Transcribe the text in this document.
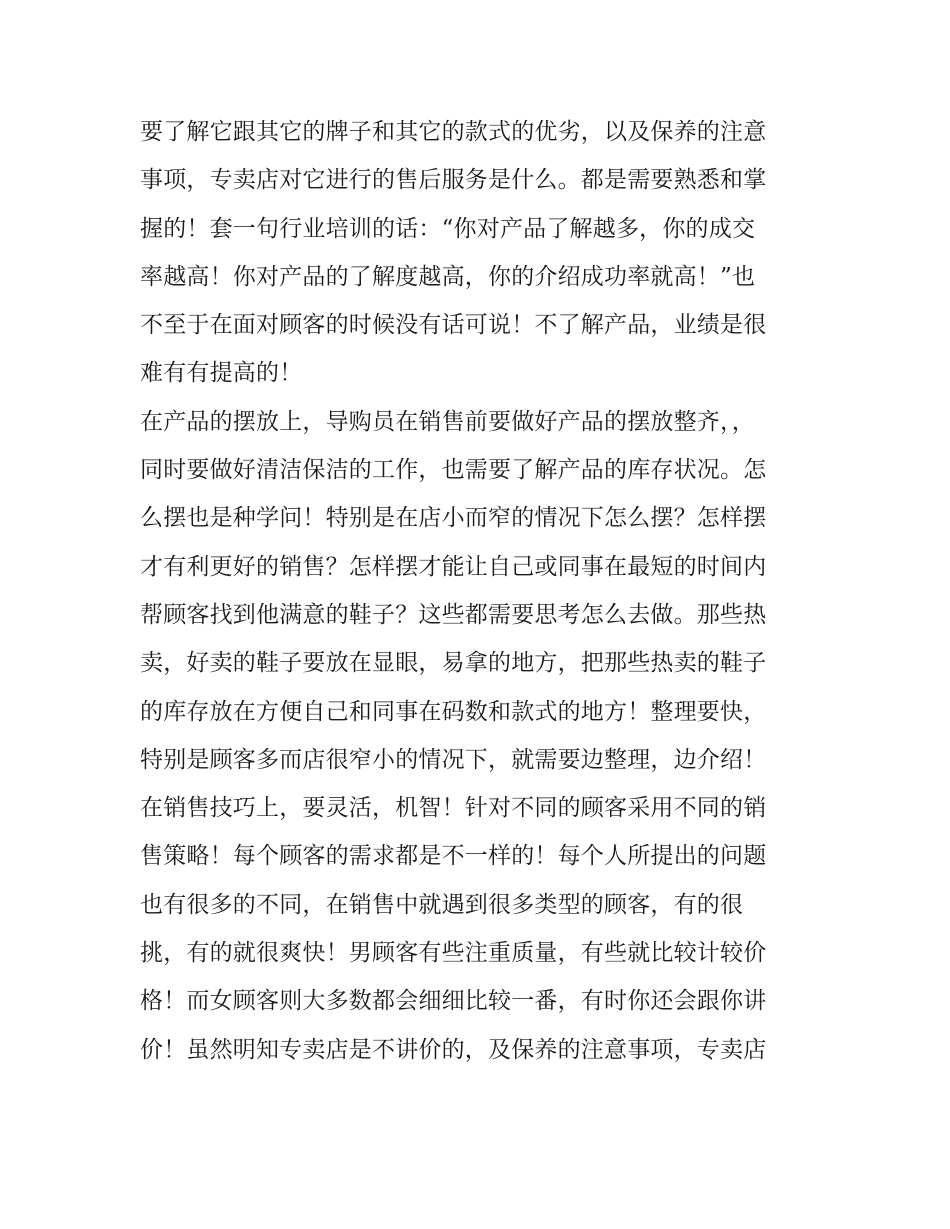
要了解它跟其它的牌子和其它的款式的优劣，以及保养的注意
事项，专卖店对它进行的售后服务是什么。都是需要熟悉和掌
握的！套一句行业培训的话：“你对产品了解越多，你的成交
率越高！你对产品的了解度越高，你的介绍成功率就高！”也
不至于在面对顾客的时候没有话可说！不了解产品，业绩是很
难有有提高的！
在产品的摆放上，导购员在销售前要做好产品的摆放整齐，，
同时要做好清洁保洁的工作，也需要了解产品的库存状况。怎
么摆也是种学问！特别是在店小而窄的情况下怎么摆？怎样摆
才有利更好的销售？怎样摆才能让自己或同事在最短的时间内
帮顾客找到他满意的鞋子？这些都需要思考怎么去做。那些热
卖，好卖的鞋子要放在显眼，易拿的地方，把那些热卖的鞋子
的库存放在方便自己和同事在码数和款式的地方！整理要快，
特别是顾客多而店很窄小的情况下，就需要边整理，边介绍！
在销售技巧上，要灵活，机智！针对不同的顾客采用不同的销
售策略！每个顾客的需求都是不一样的！每个人所提出的问题
也有很多的不同，在销售中就遇到很多类型的顾客，有的很
挑，有的就很爽快！男顾客有些注重质量，有些就比较计较价
格！而女顾客则大多数都会细细比较一番，有时你还会跟你讲
价！虽然明知专卖店是不讲价的，及保养的注意事项，专卖店
